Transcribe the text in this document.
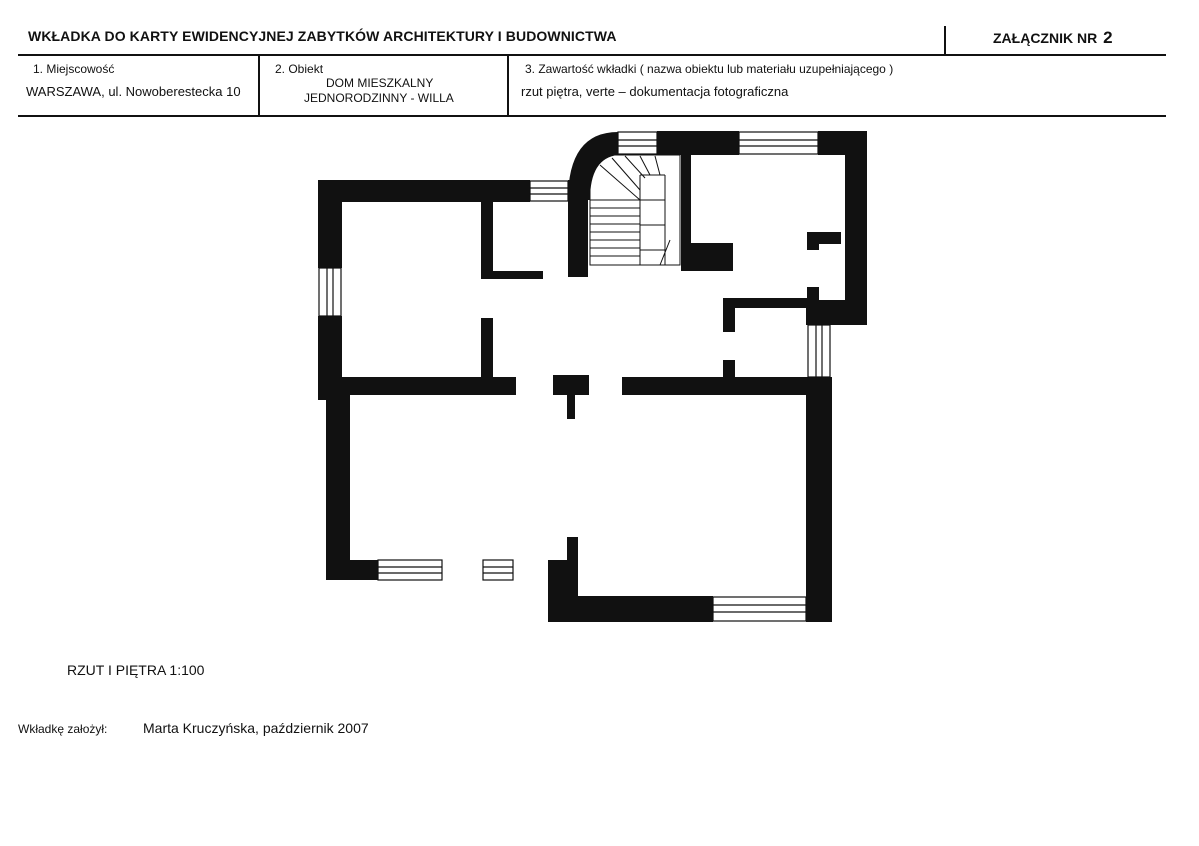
WKŁADKA DO KARTY EWIDENCYJNEJ ZABYTKÓW ARCHITEKTURY I BUDOWNICTWA	ZAŁĄCZNIK NR 2
1. Miejscowość
WARSZAWA, ul. Nowoberestecka 10
2. Obiekt
DOM MIESZKALNY
JEDNORODZINNY - WILLA
3. Zawartość wkładki ( nazwa obiektu lub materiału uzupełniającego )
rzut piętra, verte – dokumentacja fotograficzna
RZUT I PIĘTRA 1:100
Wkładkę założył:	Marta Kruczyńska, październik 2007
